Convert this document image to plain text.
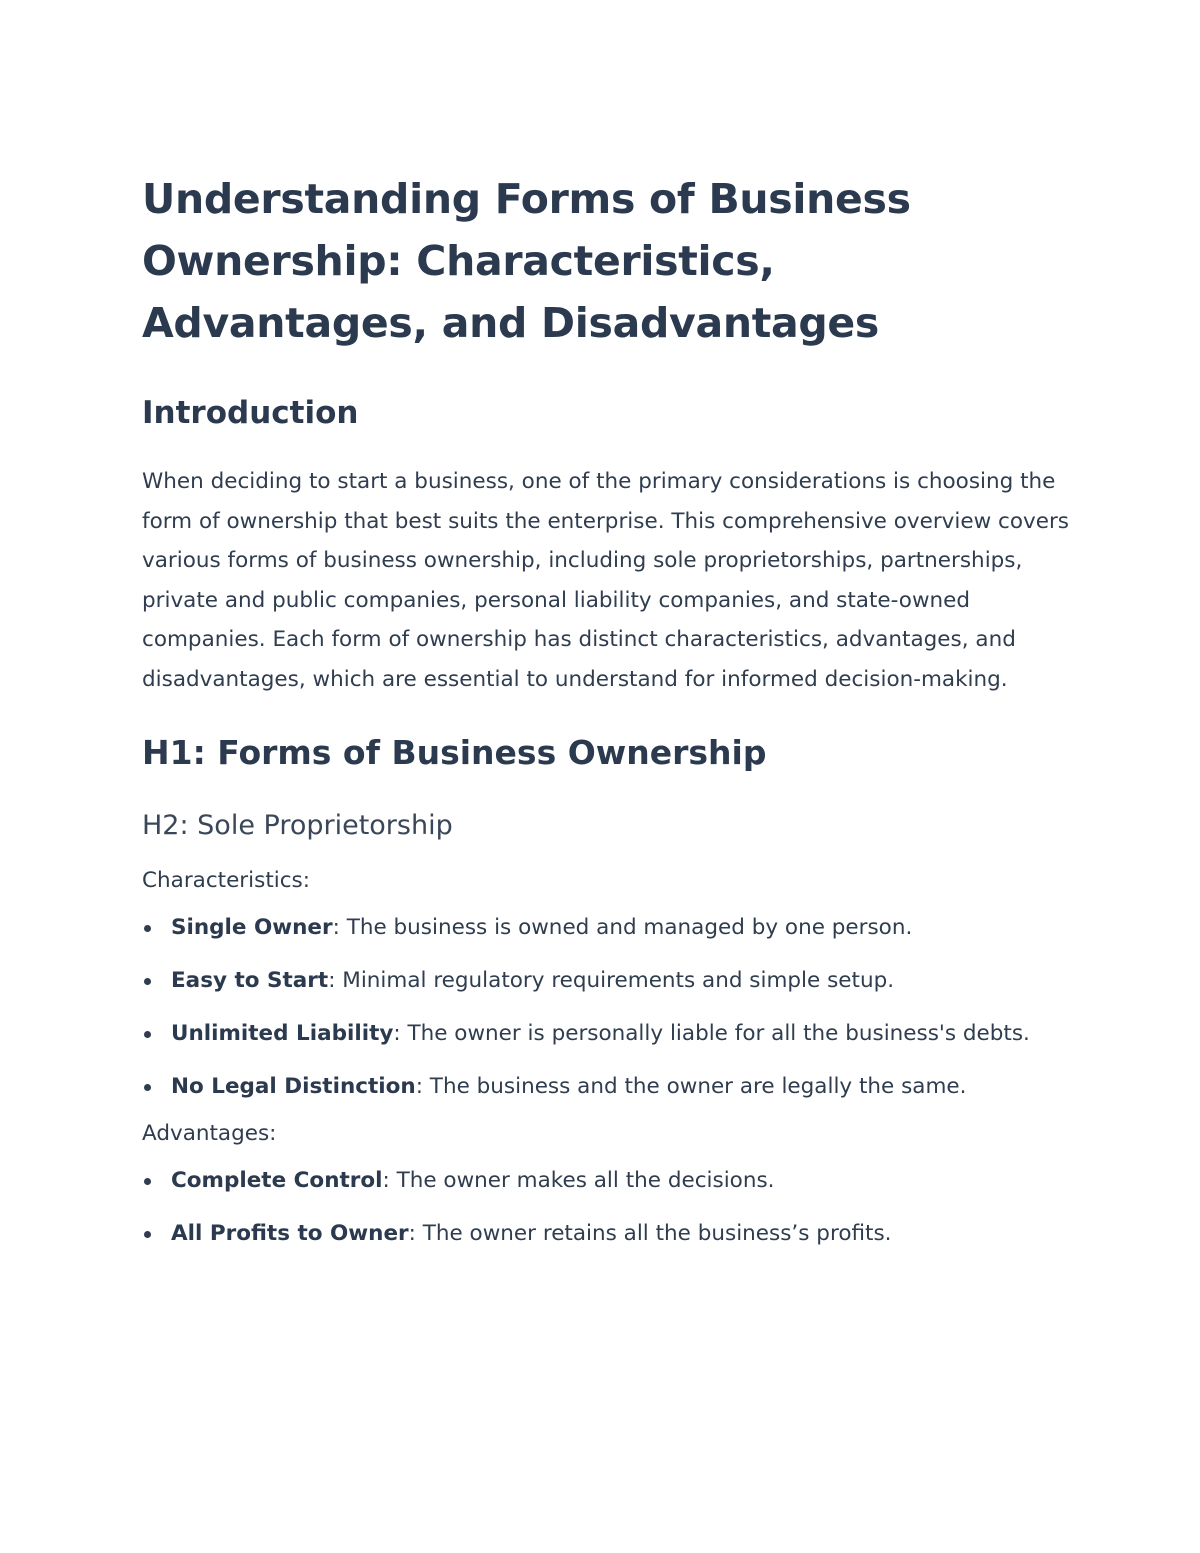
Understanding Forms of Business Ownership: Characteristics, Advantages, and Disadvantages
Introduction

When deciding to start a business, one of the primary considerations is choosing the form of ownership that best suits the enterprise. This comprehensive overview covers various forms of business ownership, including sole proprietorships, partnerships, private and public companies, personal liability companies, and state-owned companies. Each form of ownership has distinct characteristics, advantages, and disadvantages, which are essential to understand for informed decision-making.

H1: Forms of Business Ownership
H2: Sole Proprietorship

Characteristics:

Single Owner: The business is owned and managed by one person.
Easy to Start: Minimal regulatory requirements and simple setup.
Unlimited Liability: The owner is personally liable for all the business's debts.
No Legal Distinction: The business and the owner are legally the same.

Advantages:

Complete Control: The owner makes all the decisions.
All Profits to Owner: The owner retains all the business’s profits.
